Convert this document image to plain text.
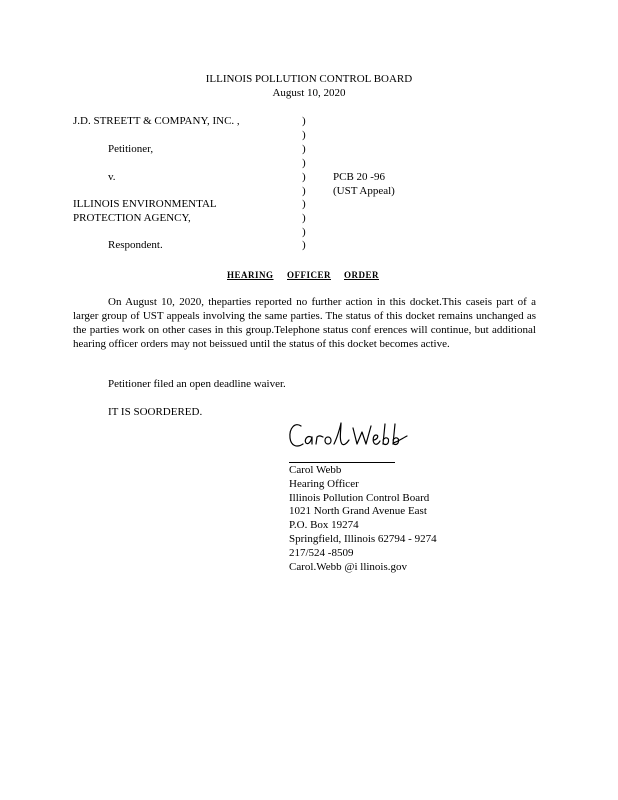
ILLINOIS POLLUTION CONTROL BOARD
August 10, 2020
J.D. STREETT & COMPANY, INC. ,
Petitioner,
v.
ILLINOIS ENVIRONMENTAL
PROTECTION AGENCY,
Respondent.
)
)
)
)
)
)
)
)
)
)
PCB 20 -96
(UST Appeal)
HEARING OFFICER ORDER
On August 10, 2020, theparties reported no further action in this docket.This caseis part of a larger group of UST appeals involving the same parties. The status of this docket remains unchanged as the parties work on other cases in this group.Telephone status conf erences will continue, but additional hearing officer orders may not beissued until the status of this docket becomes active.
Petitioner filed an open deadline waiver.
IT IS SOORDERED.
Carol Webb
Hearing Officer
Illinois Pollution Control Board
1021 North Grand Avenue East
P.O. Box 19274
Springfield, Illinois 62794 - 9274
217/524 -8509
Carol.Webb @i llinois.gov
